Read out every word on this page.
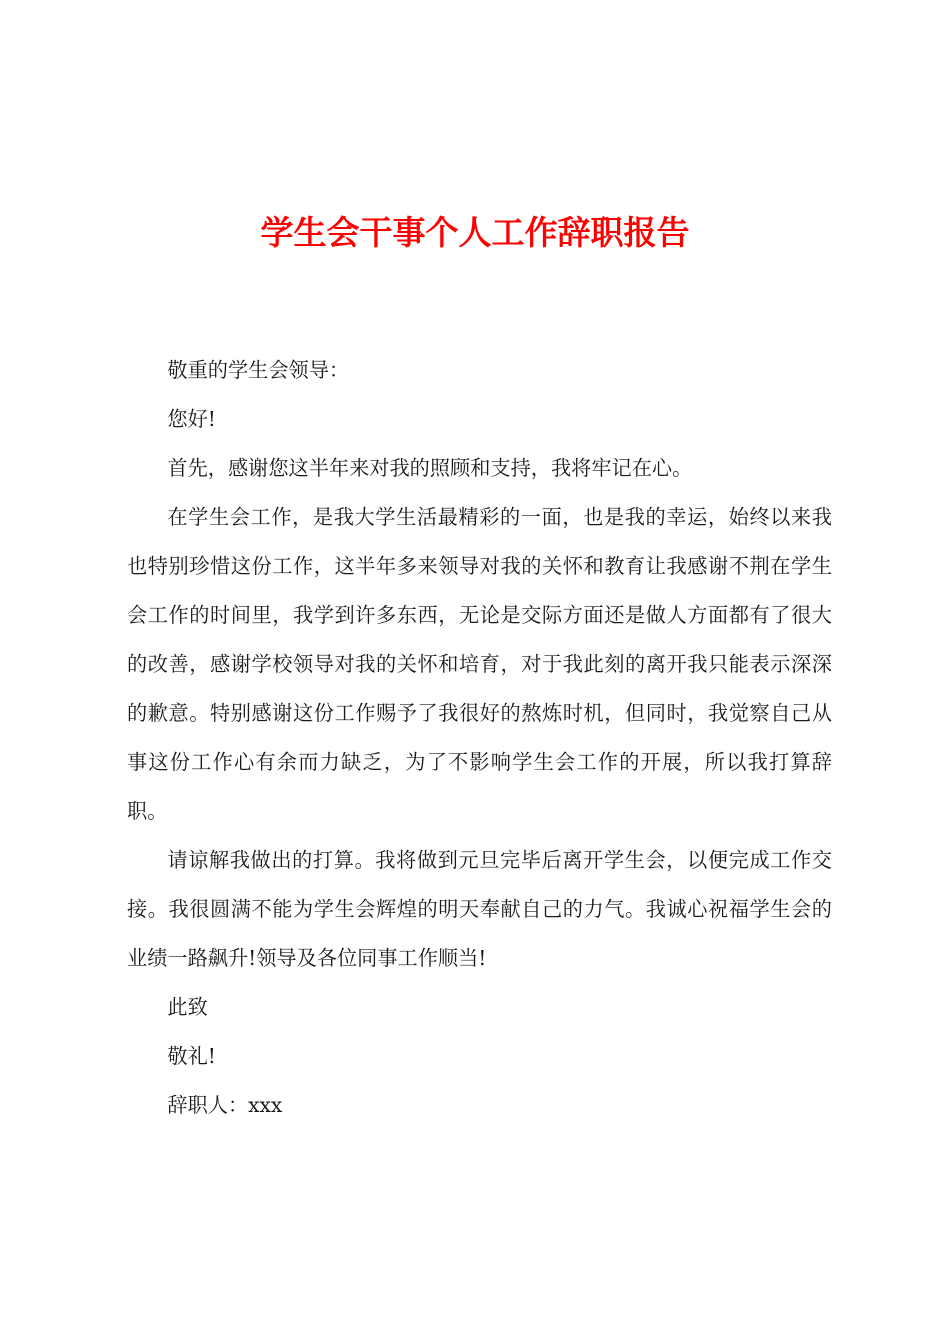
学生会干事个人工作辞职报告

敬重的学生会领导：

您好!

首先，感谢您这半年来对我的照顾和支持，我将牢记在心。

在学生会工作，是我大学生活最精彩的一面，也是我的幸运，始终以来我也特别珍惜这份工作，这半年多来领导对我的关怀和教育让我感谢不荆在学生会工作的时间里，我学到许多东西，无论是交际方面还是做人方面都有了很大的改善，感谢学校领导对我的关怀和培育，对于我此刻的离开我只能表示深深的歉意。特别感谢这份工作赐予了我很好的熬炼时机，但同时，我觉察自己从事这份工作心有余而力缺乏，为了不影响学生会工作的开展，所以我打算辞职。

请谅解我做出的打算。我将做到元旦完毕后离开学生会，以便完成工作交接。我很圆满不能为学生会辉煌的明天奉献自己的力气。我诚心祝福学生会的业绩一路飙升!领导及各位同事工作顺当!

此致

敬礼!

辞职人：xxx
